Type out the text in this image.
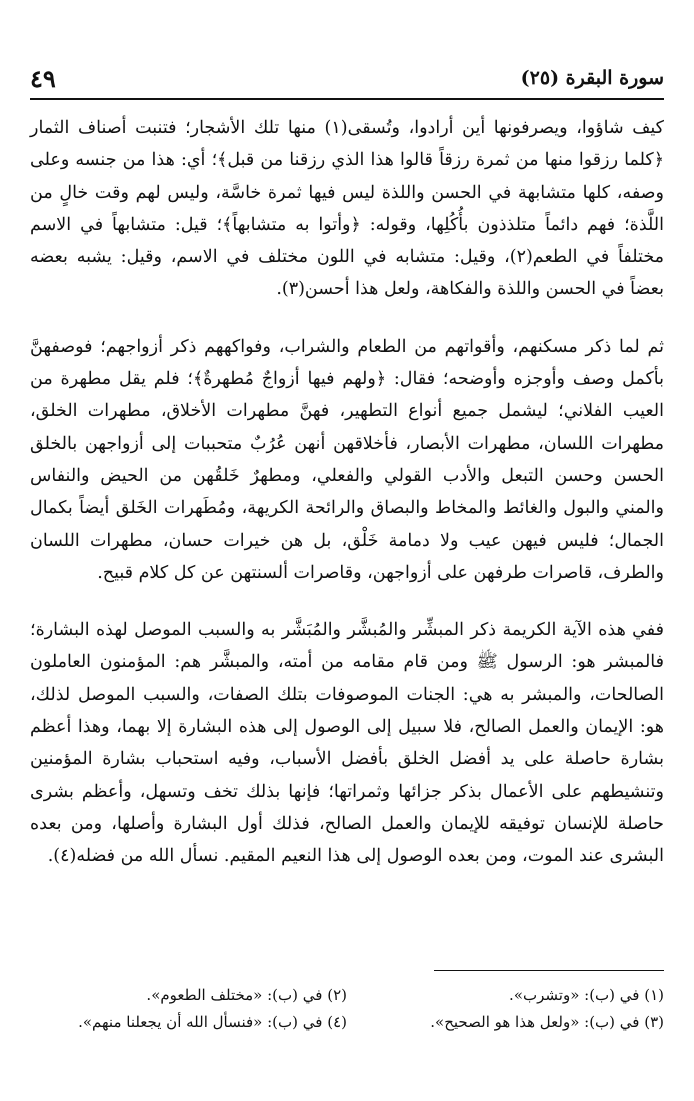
سورة البقرة (٢٥)
٤٩

كيف شاؤوا، ويصرفونها أين أرادوا، وتُسقى(١) منها تلك الأشجار؛ فتنبت أصناف الثمار ﴿كلما رزقوا منها من ثمرة رزقاً قالوا هذا الذي رزقنا من قبل﴾؛ أي: هذا من جنسه وعلى وصفه، كلها متشابهة في الحسن واللذة ليس فيها ثمرة خاسَّة، وليس لهم وقت خالٍ من اللَّذة؛ فهم دائماً متلذذون بأُكُلِها، وقوله: ﴿وأتوا به متشابهاً﴾؛ قيل: متشابهاً في الاسم مختلفاً في الطعم(٢)، وقيل: متشابه في اللون مختلف في الاسم، وقيل: يشبه بعضه بعضاً في الحسن واللذة والفكاهة، ولعل هذا أحسن(٣).

ثم لما ذكر مسكنهم، وأقواتهم من الطعام والشراب، وفواكههم ذكر أزواجهم؛ فوصفهنَّ بأكمل وصف وأوجزه وأوضحه؛ فقال: ﴿ولهم فيها أزواجٌ مُطهرةٌ﴾؛ فلم يقل مطهرة من العيب الفلاني؛ ليشمل جميع أنواع التطهير، فهنَّ مطهرات الأخلاق، مطهرات الخلق، مطهرات اللسان، مطهرات الأبصار، فأخلاقهن أنهن عُرُبٌ متحببات إلى أزواجهن بالخلق الحسن وحسن التبعل والأدب القولي والفعلي، ومطهرٌ خَلقُهن من الحيض والنفاس والمني والبول والغائط والمخاط والبصاق والرائحة الكريهة، ومُطَهرات الخَلق أيضاً بكمال الجمال؛ فليس فيهن عيب ولا دمامة خَلْق، بل هن خيرات حسان، مطهرات اللسان والطرف، قاصرات طرفهن على أزواجهن، وقاصرات ألسنتهن عن كل كلام قبيح.

ففي هذه الآية الكريمة ذكر المبشِّر والمُبشَّر والمُبَشَّر به والسبب الموصل لهذه البشارة؛ فالمبشر هو: الرسول ﷺ ومن قام مقامه من أمته، والمبشَّر هم: المؤمنون العاملون الصالحات، والمبشر به هي: الجنات الموصوفات بتلك الصفات، والسبب الموصل لذلك، هو: الإيمان والعمل الصالح، فلا سبيل إلى الوصول إلى هذه البشارة إلا بهما، وهذا أعظم بشارة حاصلة على يد أفضل الخلق بأفضل الأسباب، وفيه استحباب بشارة المؤمنين وتنشيطهم على الأعمال بذكر جزائها وثمراتها؛ فإنها بذلك تخف وتسهل، وأعظم بشرى حاصلة للإنسان توفيقه للإيمان والعمل الصالح، فذلك أول البشارة وأصلها، ومن بعده البشرى عند الموت، ومن بعده الوصول إلى هذا النعيم المقيم. نسأل الله من فضله(٤).

(١) في (ب): «وتشرب».
(٢) في (ب): «مختلف الطعوم».
(٣) في (ب): «ولعل هذا هو الصحيح».
(٤) في (ب): «فنسأل الله أن يجعلنا منهم».
